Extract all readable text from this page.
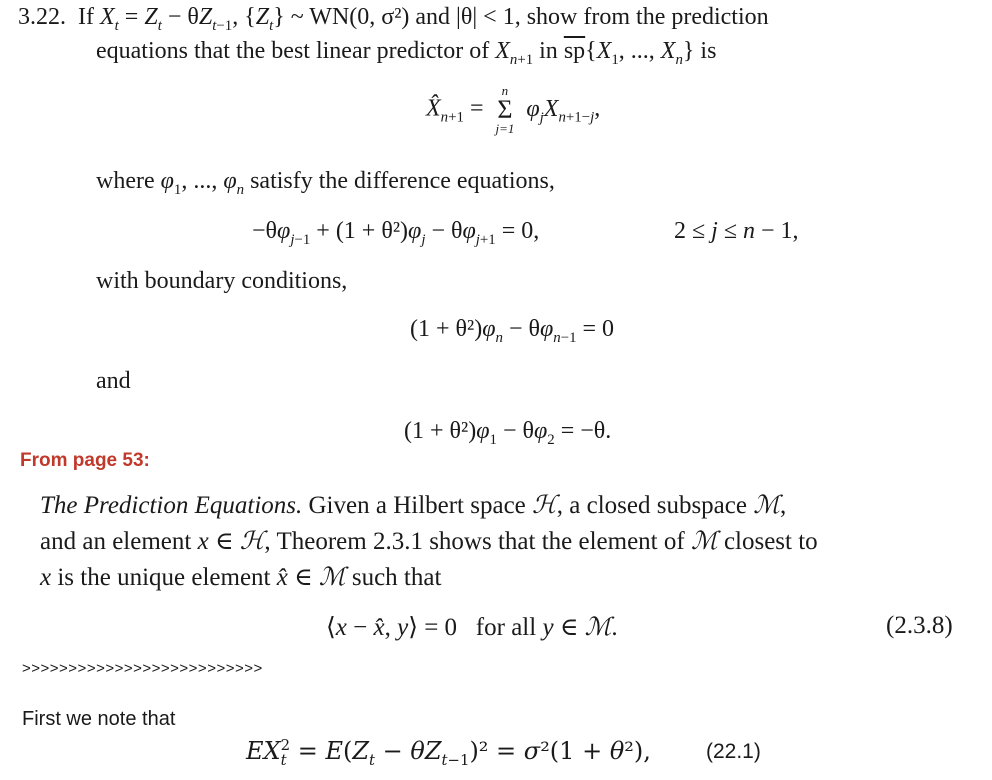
3.22.  If $X_t = Z_t - \theta Z_{t-1}$, $\{Z_t\}$ ~ WN(0, σ²) and |θ| < 1, show from the prediction
equations that the best linear predictor of $X_{n+1}$ in $\overline{sp}\{X_1$, ..., $X_n$} is
$X̂_{n+1}$ =
n
Σ
j=1
$\varphi_jX_{n+1-j}$,
where $\varphi_1$, ..., $\varphi_n$ satisfy the difference equations,
$-\theta\varphi_{j-1} + (1 + \theta^2)\varphi_j - \theta\varphi_{j+1} = 0$,	2 ≤ j ≤ n − 1,
with boundary conditions,
$(1 + \theta^2)\varphi_n - \theta\varphi_{n-1} = 0$
and
$(1 + \theta^2)\varphi_1 - \theta\varphi_2 = -\theta$.
From page 53:
The Prediction Equations. Given a Hilbert space ℋ, a closed subspace ℳ,
and an element x ∈ ℋ, Theorem 2.3.1 shows that the element of ℳ closest to
x is the unique element x̂ ∈ ℳ such that
⟨x − x̂, y⟩ = 0   for all y ∈ ℳ.	(2.3.8)
>>>>>>>>>>>>>>>>>>>>>>>>>>
First we note that
$EX_t^2 = E(Z_t - \theta Z_{t-1})^2 = \sigma^2(1 + \theta^2)$,	(22.1)
